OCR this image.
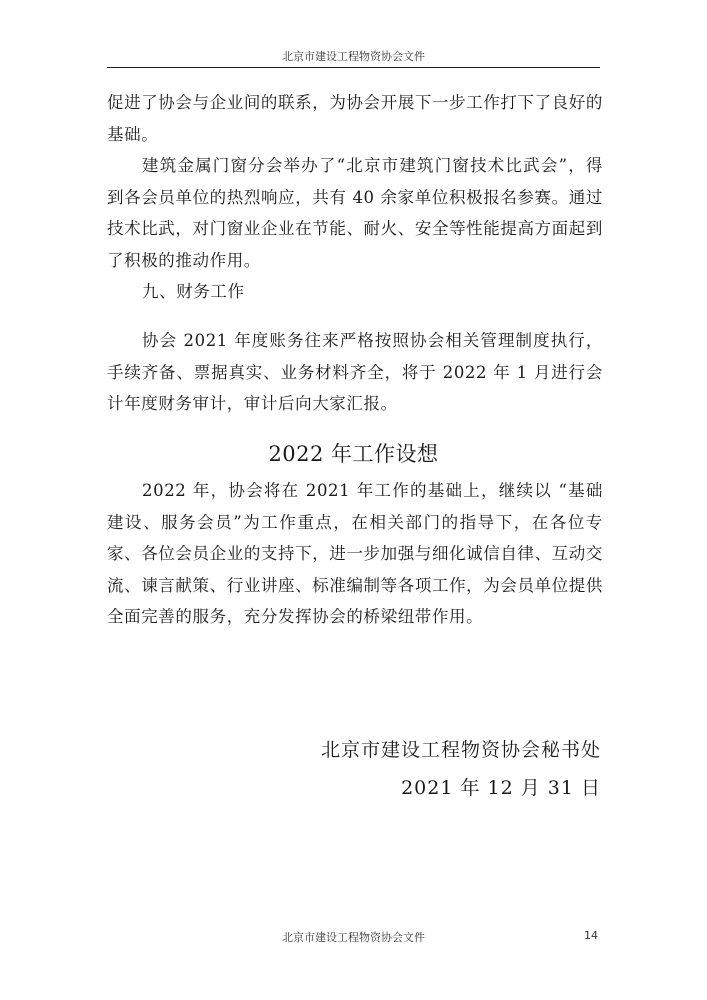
北京市建设工程物资协会文件

促进了协会与企业间的联系，为协会开展下一步工作打下了良好的基础。

建筑金属门窗分会举办了“北京市建筑门窗技术比武会”，得到各会员单位的热烈响应，共有 40 余家单位积极报名参赛。通过技术比武，对门窗业企业在节能、耐火、安全等性能提高方面起到了积极的推动作用。

九、财务工作

协会 2021 年度账务往来严格按照协会相关管理制度执行，手续齐备、票据真实、业务材料齐全，将于 2022 年 1 月进行会计年度财务审计，审计后向大家汇报。

2022 年工作设想

2022 年，协会将在 2021 年工作的基础上，继续以 “基础建设、服务会员”为工作重点，在相关部门的指导下，在各位专家、各位会员企业的支持下，进一步加强与细化诚信自律、互动交流、谏言献策、行业讲座、标准编制等各项工作，为会员单位提供全面完善的服务，充分发挥协会的桥梁纽带作用。

北京市建设工程物资协会秘书处
2021 年 12 月 31 日
北京市建设工程物资协会文件	14
